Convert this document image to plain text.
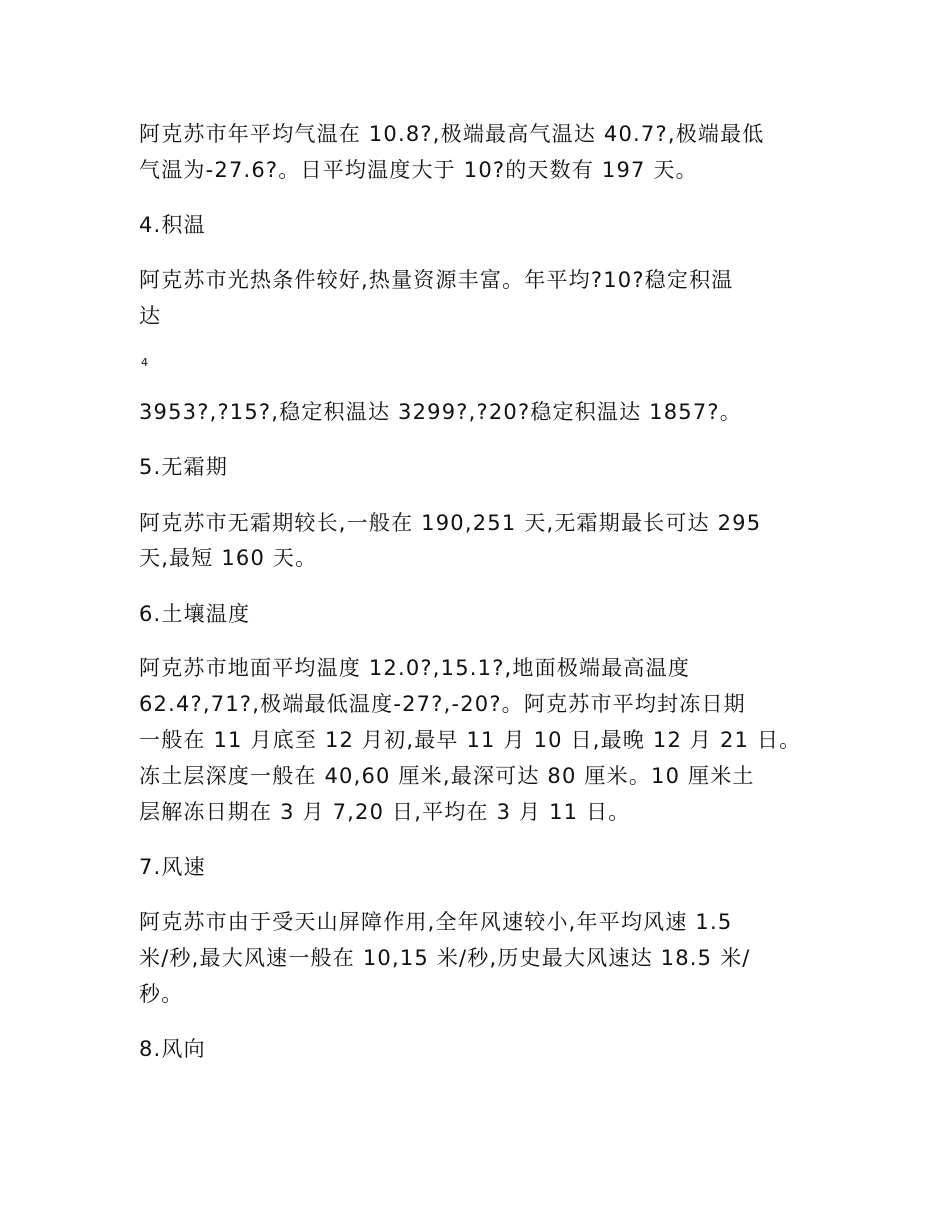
阿克苏市年平均气温在 10.8?,极端最高气温达 40.7?,极端最低
气温为-27.6?。日平均温度大于 10?的天数有 197 天。
4.积温
阿克苏市光热条件较好,热量资源丰富。年平均?10?稳定积温
达
4
3953?,?15?,稳定积温达 3299?,?20?稳定积温达 1857?。
5.无霜期
阿克苏市无霜期较长,一般在 190,251 天,无霜期最长可达 295
天,最短 160 天。
6.土壤温度
阿克苏市地面平均温度 12.0?,15.1?,地面极端最高温度
62.4?,71?,极端最低温度-27?,-20?。阿克苏市平均封冻日期
一般在 11 月底至 12 月初,最早 11 月 10 日,最晚 12 月 21 日。
冻土层深度一般在 40,60 厘米,最深可达 80 厘米。10 厘米土
层解冻日期在 3 月 7,20 日,平均在 3 月 11 日。
7.风速
阿克苏市由于受天山屏障作用,全年风速较小,年平均风速 1.5
米/秒,最大风速一般在 10,15 米/秒,历史最大风速达 18.5 米/
秒。
8.风向
